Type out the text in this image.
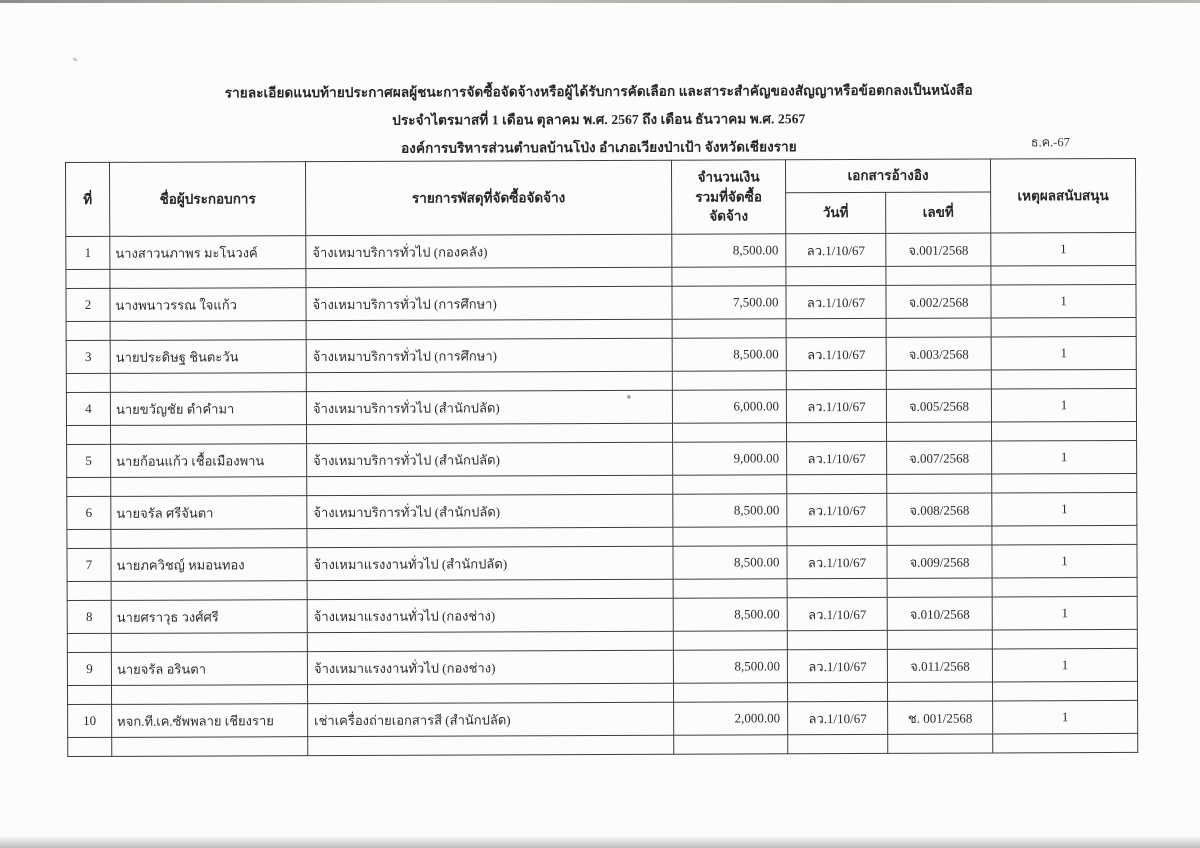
รายละเอียดแนบท้ายประกาศผลผู้ชนะการจัดซื้อจัดจ้างหรือผู้ได้รับการคัดเลือก และสาระสำคัญของสัญญาหรือข้อตกลงเป็นหนังสือ
ประจำไตรมาสที่ 1 เดือน ตุลาคม พ.ศ. 2567 ถึง เดือน ธันวาคม พ.ศ. 2567
องค์การบริหารส่วนตำบลบ้านโป่ง อำเภอเวียงป่าเป้า จังหวัดเชียงราย	ธ.ค.-67
ที่	ชื่อผู้ประกอบการ	รายการพัสดุที่จัดซื้อจัดจ้าง	จำนวนเงินรวมที่จัดซื้อ จัดจ้าง	เอกสารอ้างอิง		เหตุผลสนับสนุน
				วันที่	เลขที่	
1	นางสาวนภาพร มะโนวงค์	จ้างเหมาบริการทั่วไป (กองคลัง)	8,500.00	ลว.1/10/67	จ.001/2568	1

2	นางพนาวรรณ ใจแก้ว	จ้างเหมาบริการทั่วไป (การศึกษา)	7,500.00	ลว.1/10/67	จ.002/2568	1

3	นายประดิษฐ ชินตะวัน	จ้างเหมาบริการทั่วไป (การศึกษา)	8,500.00	ลว.1/10/67	จ.003/2568	1

4	นายขวัญชัย ตำคำมา	จ้างเหมาบริการทั่วไป (สำนักปลัด)	6,000.00	ลว.1/10/67	จ.005/2568	1

5	นายก้อนแก้ว เชื้อเมืองพาน	จ้างเหมาบริการทั่วไป (สำนักปลัด)	9,000.00	ลว.1/10/67	จ.007/2568	1

6	นายจรัล ศรีจันตา	จ้างเหมาบริการทั่วไป (สำนักปลัด)	8,500.00	ลว.1/10/67	จ.008/2568	1

7	นายภควิชญ์ หมอนทอง	จ้างเหมาแรงงานทั่วไป (สำนักปลัด)	8,500.00	ลว.1/10/67	จ.009/2568	1

8	นายศราวุธ วงศ์ศรี	จ้างเหมาแรงงานทั่วไป (กองช่าง)	8,500.00	ลว.1/10/67	จ.010/2568	1

9	นายจรัล อรินตา	จ้างเหมาแรงงานทั่วไป (กองช่าง)	8,500.00	ลว.1/10/67	จ.011/2568	1

10	หจก.ที.เค.ซัพพลาย เชียงราย	เช่าเครื่องถ่ายเอกสารสี (สำนักปลัด)	2,000.00	ลว.1/10/67	ช. 001/2568	1
